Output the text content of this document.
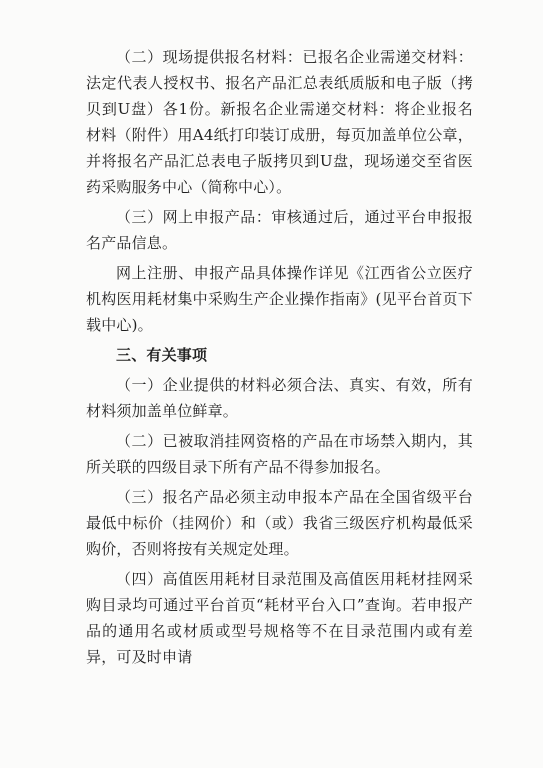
（二）现场提供报名材料：已报名企业需递交材料：法定代表人授权书、报名产品汇总表纸质版和电子版（拷贝到U盘）各1份。新报名企业需递交材料：将企业报名材料（附件）用A4纸打印装订成册，每页加盖单位公章，并将报名产品汇总表电子版拷贝到U盘，现场递交至省医药采购服务中心（简称中心）。

（三）网上申报产品：审核通过后，通过平台申报报名产品信息。

网上注册、申报产品具体操作详见《江西省公立医疗机构医用耗材集中采购生产企业操作指南》(见平台首页下载中心)。

三、有关事项

（一）企业提供的材料必须合法、真实、有效，所有材料须加盖单位鲜章。

（二）已被取消挂网资格的产品在市场禁入期内，其所关联的四级目录下所有产品不得参加报名。

（三）报名产品必须主动申报本产品在全国省级平台最低中标价（挂网价）和（或）我省三级医疗机构最低采购价，否则将按有关规定处理。

（四）高值医用耗材目录范围及高值医用耗材挂网采购目录均可通过平台首页“耗材平台入口”查询。若申报产品的通用名或材质或型号规格等不在目录范围内或有差异，可及时申请
